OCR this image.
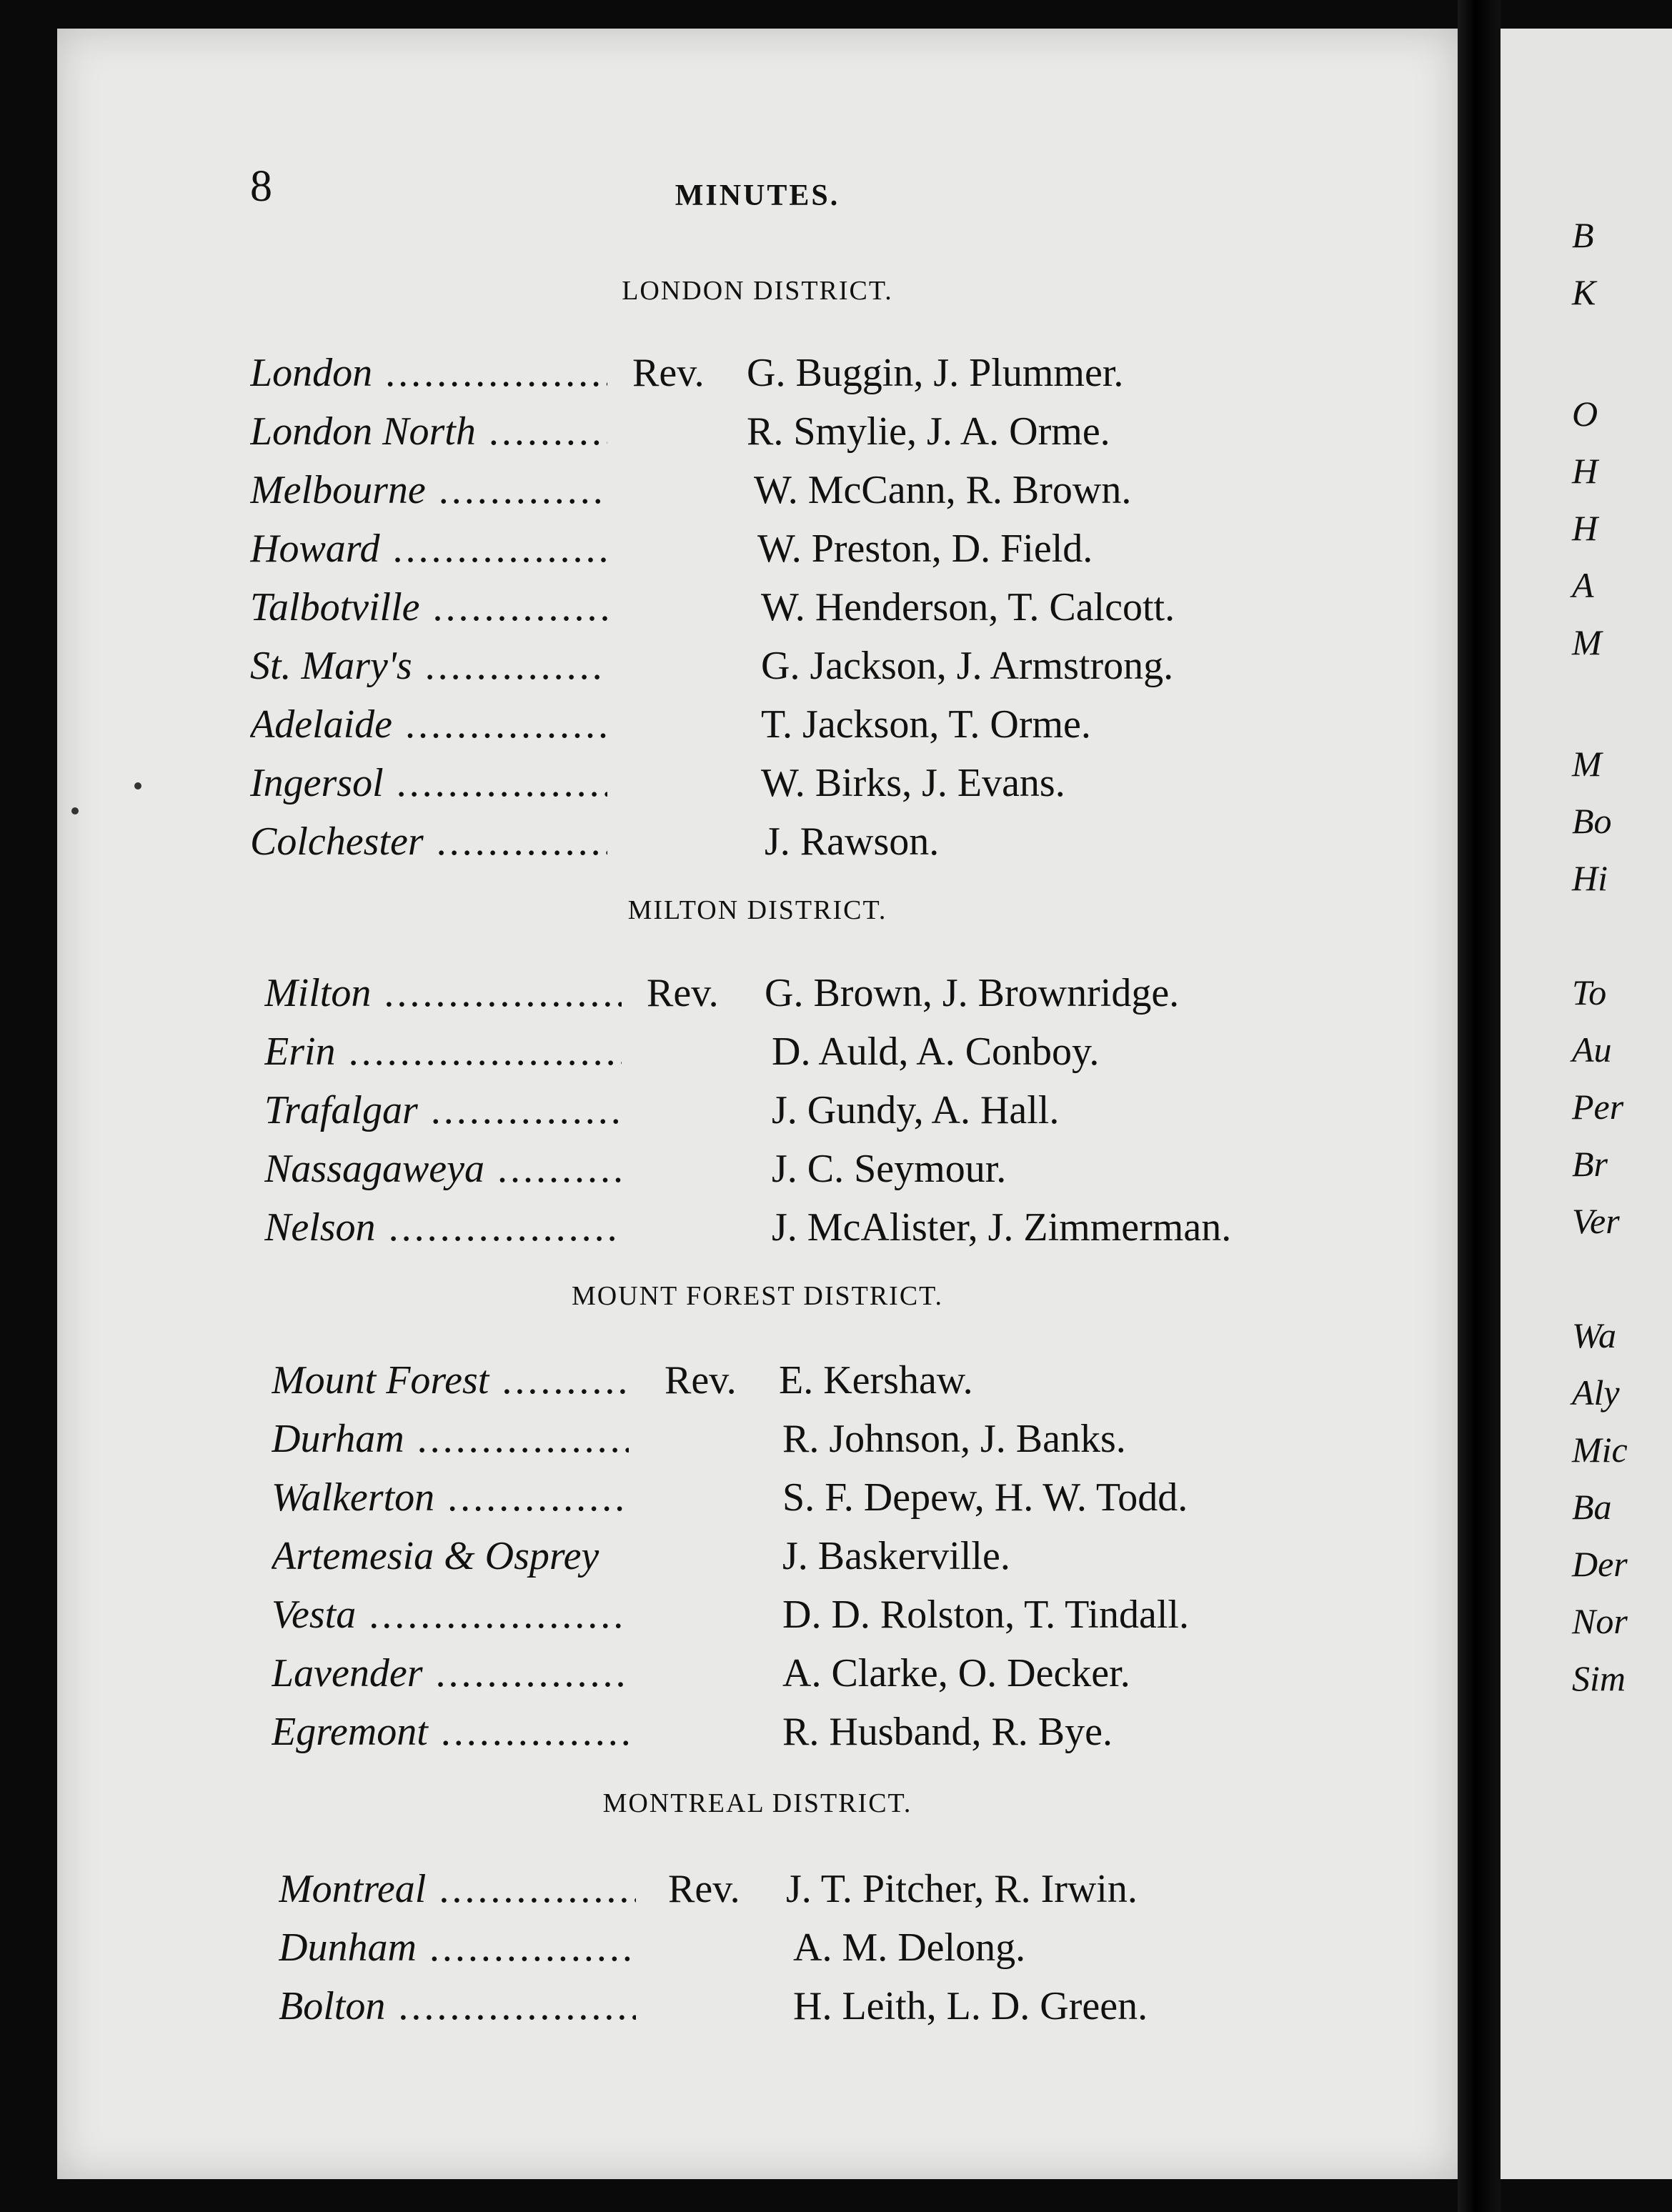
8	MINUTES.
LONDON DISTRICT.
London .....	Rev. G. Buggin, J. Plummer.
London North .....	R. Smylie, J. A. Orme.
Melbourne .....	W. McCann, R. Brown.
Howard .....	W. Preston, D. Field.
Talbotville .....	W. Henderson, T. Calcott.
St. Mary's .....	G. Jackson, J. Armstrong.
Adelaide .....	T. Jackson, T. Orme.
Ingersol .....	W. Birks, J. Evans.
Colchester .....	J. Rawson.
MILTON DISTRICT.
Milton .....	Rev. G. Brown, J. Brownridge.
Erin .....	D. Auld, A. Conboy.
Trafalgar .....	J. Gundy, A. Hall.
Nassagaweya .....	J. C. Seymour.
Nelson .....	J. McAlister, J. Zimmerman.
MOUNT FOREST DISTRICT.
Mount Forest .....	Rev. E. Kershaw.
Durham .....	R. Johnson, J. Banks.
Walkerton .....	S. F. Depew, H. W. Todd.
Artemesia & Osprey	J. Baskerville.
Vesta .....	D. D. Rolston, T. Tindall.
Lavender .....	A. Clarke, O. Decker.
Egremont .....	R. Husband, R. Bye.
MONTREAL DISTRICT.
Montreal .....	Rev. J. T. Pitcher, R. Irwin.
Dunham .....	A. M. Delong.
Bolton .....	H. Leith, L. D. Green.
B
K
O
H
H
A
M
M
Bo
Hi
To
Au
Per
Br
Ver
Wa
Aly
Mic
Ba
Der
Nor
Sim
